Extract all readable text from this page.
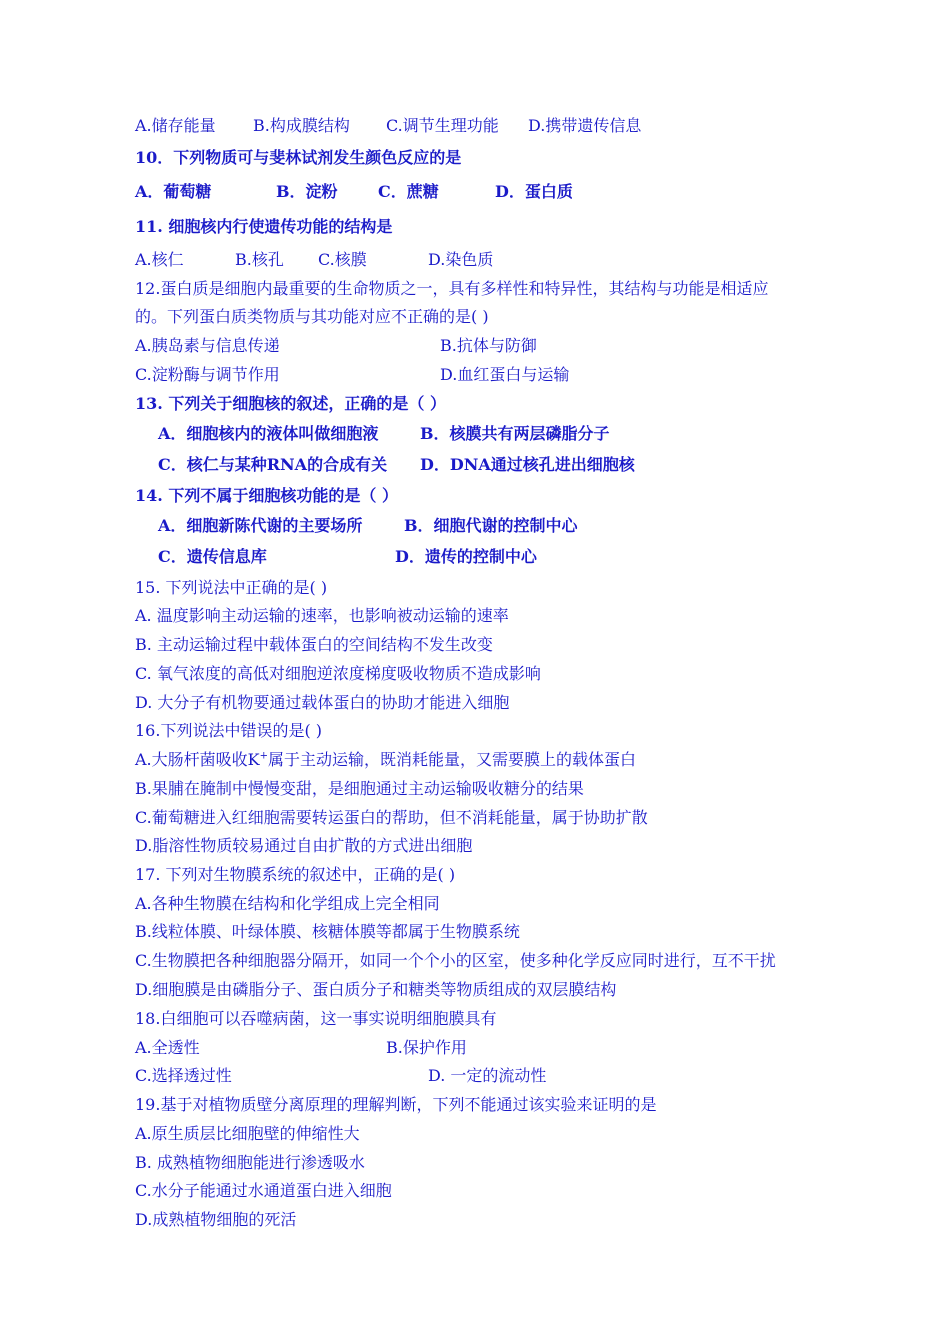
A.储存能量 B.构成膜结构 C.调节生理功能 D.携带遗传信息
10．下列物质可与斐林试剂发生颜色反应的是
A．葡萄糖	B．淀粉	C．蔗糖	D．蛋白质
11. 细胞核内行使遗传功能的结构是
A.核仁	B.核孔 C.核膜	D.染色质
12.蛋白质是细胞内最重要的生命物质之一，具有多样性和特异性，其结构与功能是相适应
的。下列蛋白质类物质与其功能对应不正确的是( )
A.胰岛素与信息传递	B.抗体与防御
C.淀粉酶与调节作用	D.血红蛋白与运输
13. 下列关于细胞核的叙述，正确的是（ ）
A．细胞核内的液体叫做细胞液	B．核膜共有两层磷脂分子
C．核仁与某种RNA的合成有关 D．DNA通过核孔进出细胞核
14. 下列不属于细胞核功能的是（ ）
A．细胞新陈代谢的主要场所	B．细胞代谢的控制中心
C．遗传信息库	D．遗传的控制中心
15. 下列说法中正确的是( )
A. 温度影响主动运输的速率，也影响被动运输的速率
B. 主动运输过程中载体蛋白的空间结构不发生改变
C. 氧气浓度的高低对细胞逆浓度梯度吸收物质不造成影响
D. 大分子有机物要通过载体蛋白的协助才能进入细胞
16.下列说法中错误的是( )
A.大肠杆菌吸收K+属于主动运输，既消耗能量，又需要膜上的载体蛋白
B.果脯在腌制中慢慢变甜，是细胞通过主动运输吸收糖分的结果
C.葡萄糖进入红细胞需要转运蛋白的帮助，但不消耗能量，属于协助扩散
D.脂溶性物质较易通过自由扩散的方式进出细胞
17. 下列对生物膜系统的叙述中，正确的是( )
A.各种生物膜在结构和化学组成上完全相同
B.线粒体膜、叶绿体膜、核糖体膜等都属于生物膜系统
C.生物膜把各种细胞器分隔开，如同一个个小的区室，使多种化学反应同时进行，互不干扰
D.细胞膜是由磷脂分子、蛋白质分子和糖类等物质组成的双层膜结构
18.白细胞可以吞噬病菌，这一事实说明细胞膜具有
A.全透性	B.保护作用
C.选择透过性	D. 一定的流动性
19.基于对植物质壁分离原理的理解判断，下列不能通过该实验来证明的是
A.原生质层比细胞壁的伸缩性大
B. 成熟植物细胞能进行渗透吸水
C.水分子能通过水通道蛋白进入细胞
D.成熟植物细胞的死活
